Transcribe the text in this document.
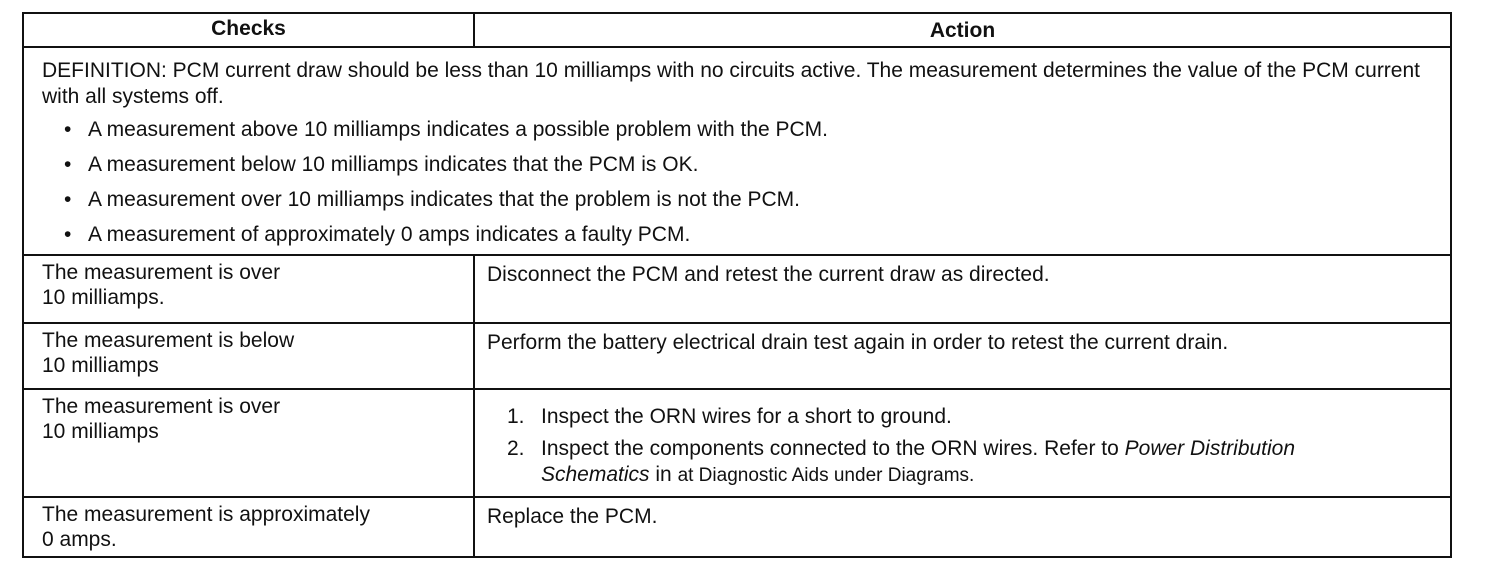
Checks	Action
DEFINITION: PCM current draw should be less than 10 milliamps with no circuits active. The measurement determines the value of the PCM current with all systems off.
• A measurement above 10 milliamps indicates a possible problem with the PCM.
• A measurement below 10 milliamps indicates that the PCM is OK.
• A measurement over 10 milliamps indicates that the problem is not the PCM.
• A measurement of approximately 0 amps indicates a faulty PCM.
The measurement is over
10 milliamps.
Disconnect the PCM and retest the current draw as directed.
The measurement is below
10 milliamps
Perform the battery electrical drain test again in order to retest the current drain.
The measurement is over
10 milliamps
1. Inspect the ORN wires for a short to ground.
2. Inspect the components connected to the ORN wires. Refer to Power Distribution Schematics in at Diagnostic Aids under Diagrams.
The measurement is approximately
0 amps.
Replace the PCM.
